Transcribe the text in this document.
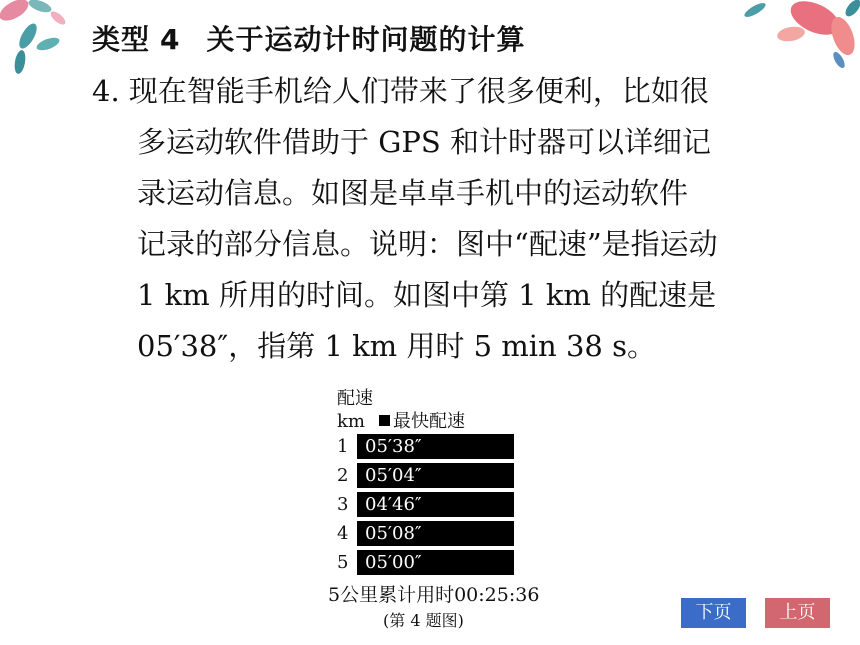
类型 4 关于运动计时问题的计算
4. 现在智能手机给人们带来了很多便利，比如很
多运动软件借助于 GPS 和计时器可以详细记
录运动信息。如图是卓卓手机中的运动软件
记录的部分信息。说明：图中“配速”是指运动
1 km 所用的时间。如图中第 1 km 的配速是
05′38″，指第 1 km 用时 5 min 38 s。
配速
km 最快配速
1 05′38″
2 05′04″
3 04′46″
4 05′08″
5 05′00″
5公里累计用时00:25:36
(第 4 题图)	下页	上页
